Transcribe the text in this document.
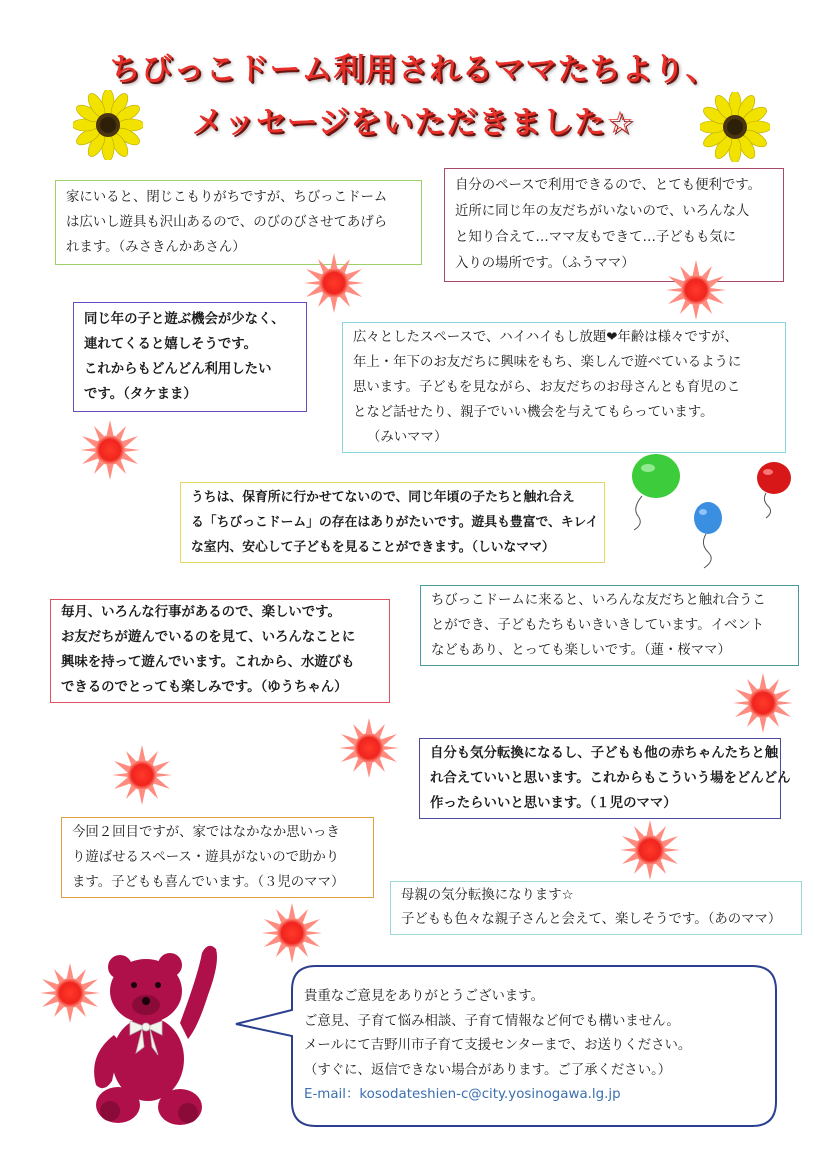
ちびっこドーム利用されるママたちより、
メッセージをいただきました☆

家にいると、閉じこもりがちですが、ちびっこドーム

は広いし遊具も沢山あるので、のびのびさせてあげら

れます。（みさきんかあさん）

自分のペースで利用できるので、とても便利です。

近所に同じ年の友だちがいないので、いろんな人

と知り合えて…ママ友もできて…子どもも気に

入りの場所です。（ふうママ）

同じ年の子と遊ぶ機会が少なく、

連れてくると嬉しそうです。

これからもどんどん利用したい

です。（タケまま）

広々としたスペースで、ハイハイもし放題❤年齢は様々ですが、

年上・年下のお友だちに興味をもち、楽しんで遊べているように

思います。子どもを見ながら、お友だちのお母さんとも育児のこ

となど話せたり、親子でいい機会を与えてもらっています。

（みいママ）

うちは、保育所に行かせてないので、同じ年頃の子たちと触れ合え

る「ちびっこドーム」の存在はありがたいです。遊具も豊富で、キレイ

な室内、安心して子どもを見ることができます。（しいなママ）

毎月、いろんな行事があるので、楽しいです。

お友だちが遊んでいるのを見て、いろんなことに

興味を持って遊んでいます。これから、水遊びも

できるのでとっても楽しみです。（ゆうちゃん）

ちびっこドームに来ると、いろんな友だちと触れ合うこ

とができ、子どもたちもいきいきしています。イベント

などもあり、とっても楽しいです。（蓮・桜ママ）

自分も気分転換になるし、子どもも他の赤ちゃんたちと触

れ合えていいと思います。これからもこういう場をどんどん

作ったらいいと思います。（１児のママ）

今回２回目ですが、家ではなかなか思いっき

り遊ばせるスペース・遊具がないので助かり

ます。子どもも喜んでいます。（３児のママ）

母親の気分転換になります☆

子どもも色々な親子さんと会えて、楽しそうです。（あのママ）

貴重なご意見をありがとうございます。

ご意見、子育て悩み相談、子育て情報など何でも構いません。

メールにて吉野川市子育て支援センターまで、お送りください。

（すぐに、返信できない場合があります。ご了承ください。）

E-mail：kosodateshien-c@city.yosinogawa.lg.jp
